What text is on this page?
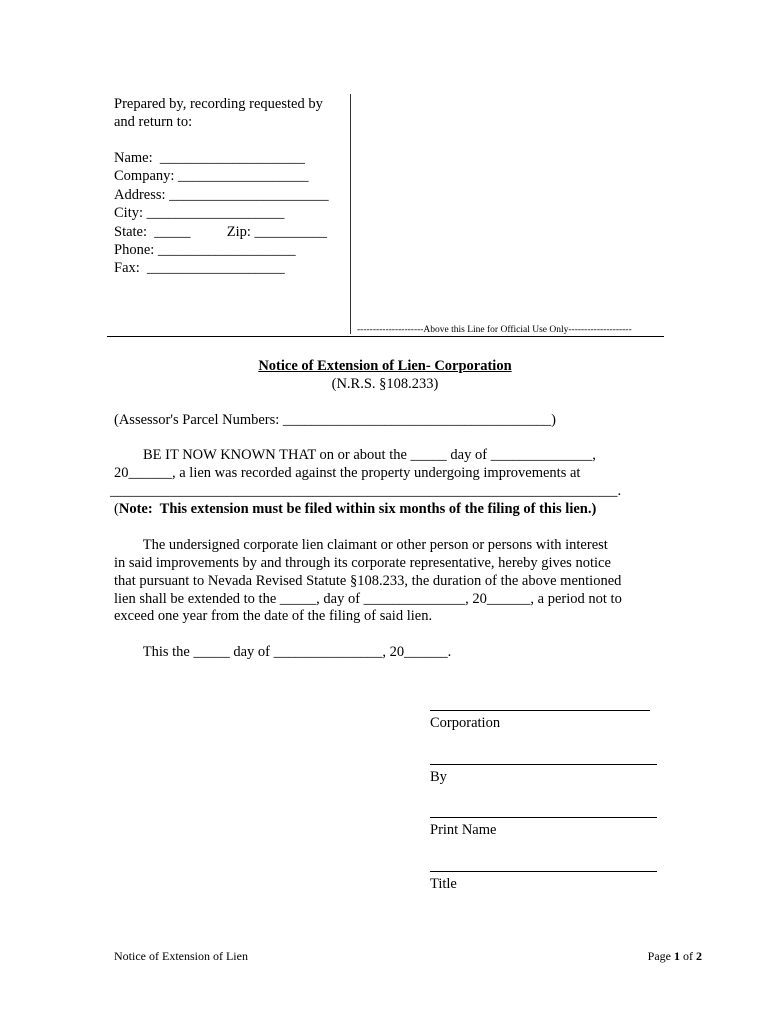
Prepared by, recording requested by
and return to:
Name:  ____________________
Company: __________________
Address: ______________________
City: ___________________
State:  _____          Zip: __________
Phone: ___________________
Fax:  ___________________
---------------------Above this Line for Official Use Only--------------------
Notice of Extension of Lien- Corporation
(N.R.S. §108.233)
(Assessor's Parcel Numbers: _____________________________________)
BE IT NOW KNOWN THAT on or about the _____ day of ______________,
20______, a lien was recorded against the property undergoing improvements at
______________________________________________________________________.
(Note:  This extension must be filed within six months of the filing of this lien.)
The undersigned corporate lien claimant or other person or persons with interest
in said improvements by and through its corporate representative, hereby gives notice
that pursuant to Nevada Revised Statute §108.233, the duration of the above mentioned
lien shall be extended to the _____, day of ______________, 20______, a period not to
exceed one year from the date of the filing of said lien.
This the _____ day of _______________, 20______.
Corporation
By
Print Name
Title
Notice of Extension of Lien	Page 1 of 2
